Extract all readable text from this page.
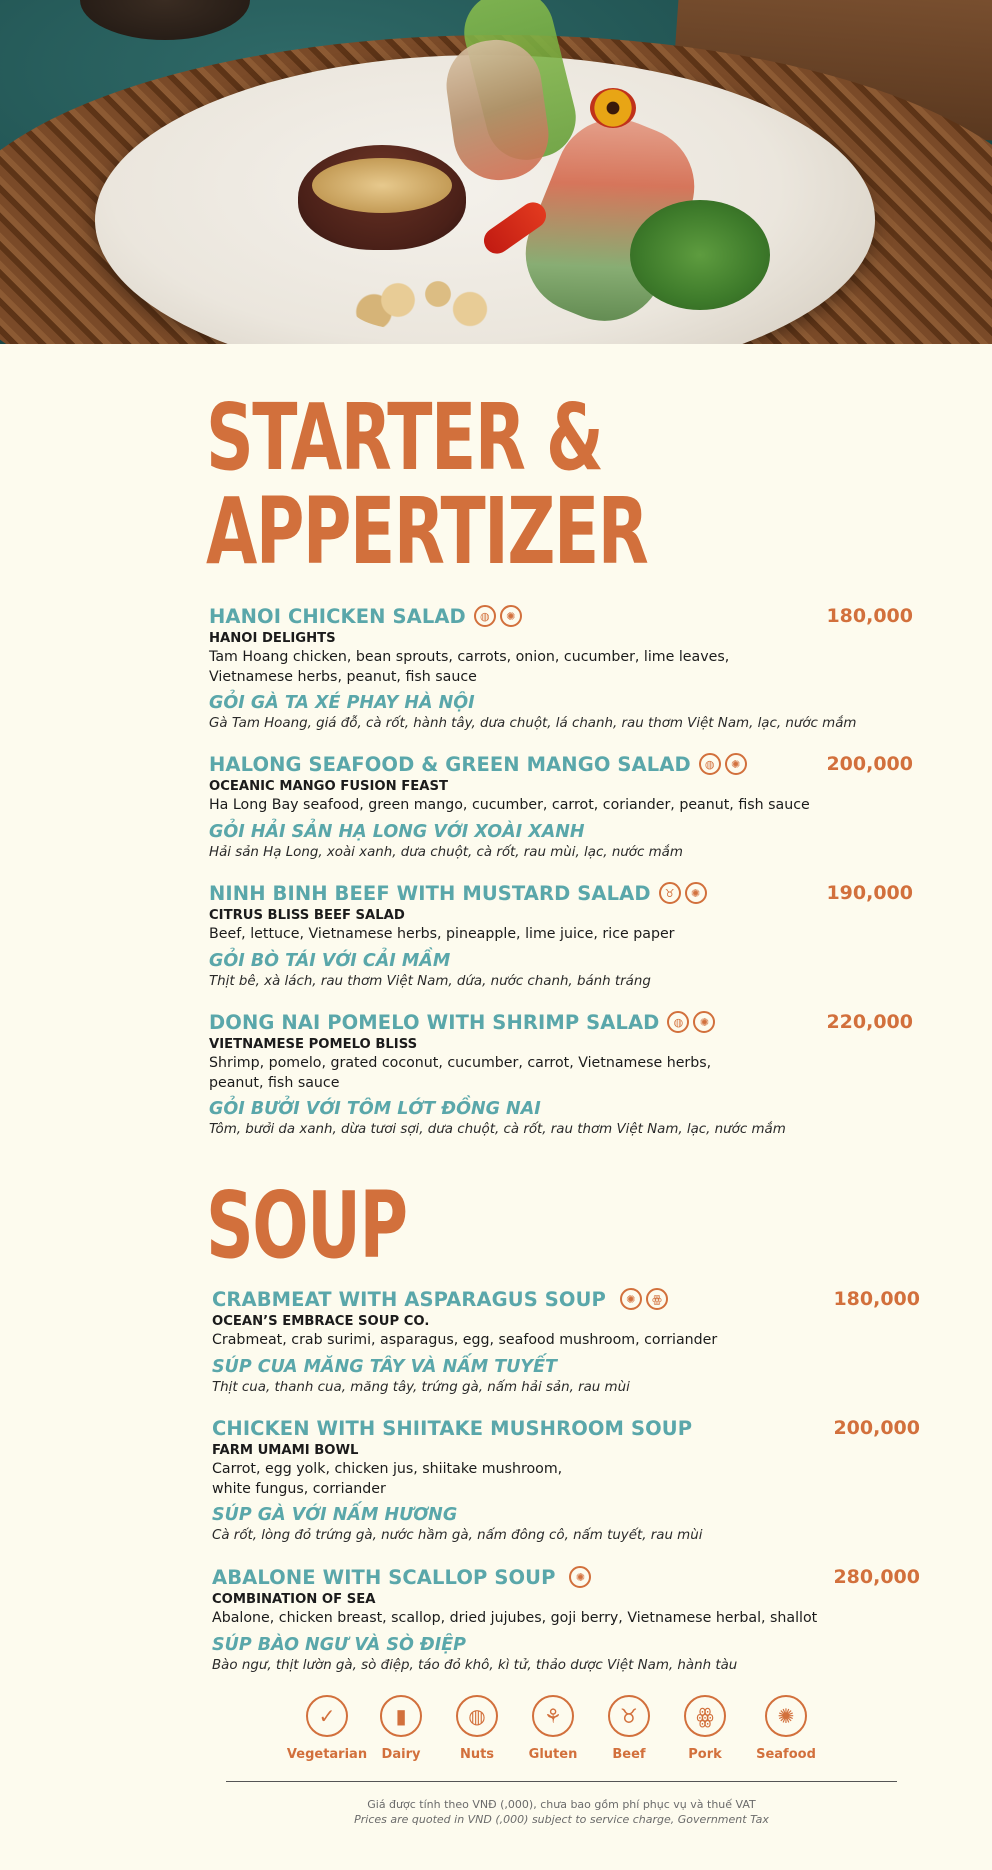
STARTER &
APPERTIZER
HANOI CHICKEN SALAD	◍	✺	180,000
HANOI DELIGHTS
Tam Hoang chicken, bean sprouts, carrots, onion, cucumber, lime leaves,
Vietnamese herbs, peanut, fish sauce
GỎI GÀ TA XÉ PHAY HÀ NỘI
Gà Tam Hoang, giá đỗ, cà rốt, hành tây, dưa chuột, lá chanh, rau thơm Việt Nam, lạc, nước mắm
HALONG SEAFOOD & GREEN MANGO SALAD	◍	✺	200,000
OCEANIC MANGO FUSION FEAST
Ha Long Bay seafood, green mango, cucumber, carrot, coriander, peanut, fish sauce
GỎI HẢI SẢN HẠ LONG VỚI XOÀI XANH
Hải sản Hạ Long, xoài xanh, dưa chuột, cà rốt, rau mùi, lạc, nước mắm
NINH BINH BEEF WITH MUSTARD SALAD	♉	✺	190,000
CITRUS BLISS BEEF SALAD
Beef, lettuce, Vietnamese herbs, pineapple, lime juice, rice paper
GỎI BÒ TÁI VỚI CẢI MẦM
Thịt bê, xà lách, rau thơm Việt Nam, dứa, nước chanh, bánh tráng
DONG NAI POMELO WITH SHRIMP SALAD	◍	✺	220,000
VIETNAMESE POMELO BLISS
Shrimp, pomelo, grated coconut, cucumber, carrot, Vietnamese herbs,
peanut, fish sauce
GỎI BƯỞI VỚI TÔM LỚT ĐỒNG NAI
Tôm, bưởi da xanh, dừa tươi sợi, dưa chuột, cà rốt, rau thơm Việt Nam, lạc, nước mắm
SOUP
CRABMEAT WITH ASPARAGUS SOUP	✺	ꙮ	180,000
OCEAN’S EMBRACE SOUP CO.
Crabmeat, crab surimi, asparagus, egg, seafood mushroom, corriander
SÚP CUA MĂNG TÂY VÀ NẤM TUYẾT
Thịt cua, thanh cua, măng tây, trứng gà, nấm hải sản, rau mùi
CHICKEN WITH SHIITAKE MUSHROOM SOUP	200,000
FARM UMAMI BOWL
Carrot, egg yolk, chicken jus, shiitake mushroom,
white fungus, corriander
SÚP GÀ VỚI NẤM HƯƠNG
Cà rốt, lòng đỏ trứng gà, nước hầm gà, nấm đông cô, nấm tuyết, rau mùi
ABALONE WITH SCALLOP SOUP	✺	280,000
COMBINATION OF SEA
Abalone, chicken breast, scallop, dried jujubes, goji berry, Vietnamese herbal, shallot
SÚP BÀO NGƯ VÀ SÒ ĐIỆP
Bào ngư, thịt lườn gà, sò điệp, táo đỏ khô, kì tử, thảo dược Việt Nam, hành tàu
✓
Vegetarian
▮
Dairy
◍
Nuts
⚘
Gluten
♉
Beef
ꙮ
Pork
✺
Seafood
Giá được tính theo VNĐ (,000), chưa bao gồm phí phục vụ và thuế VAT
Prices are quoted in VND (,000) subject to service charge, Government Tax
